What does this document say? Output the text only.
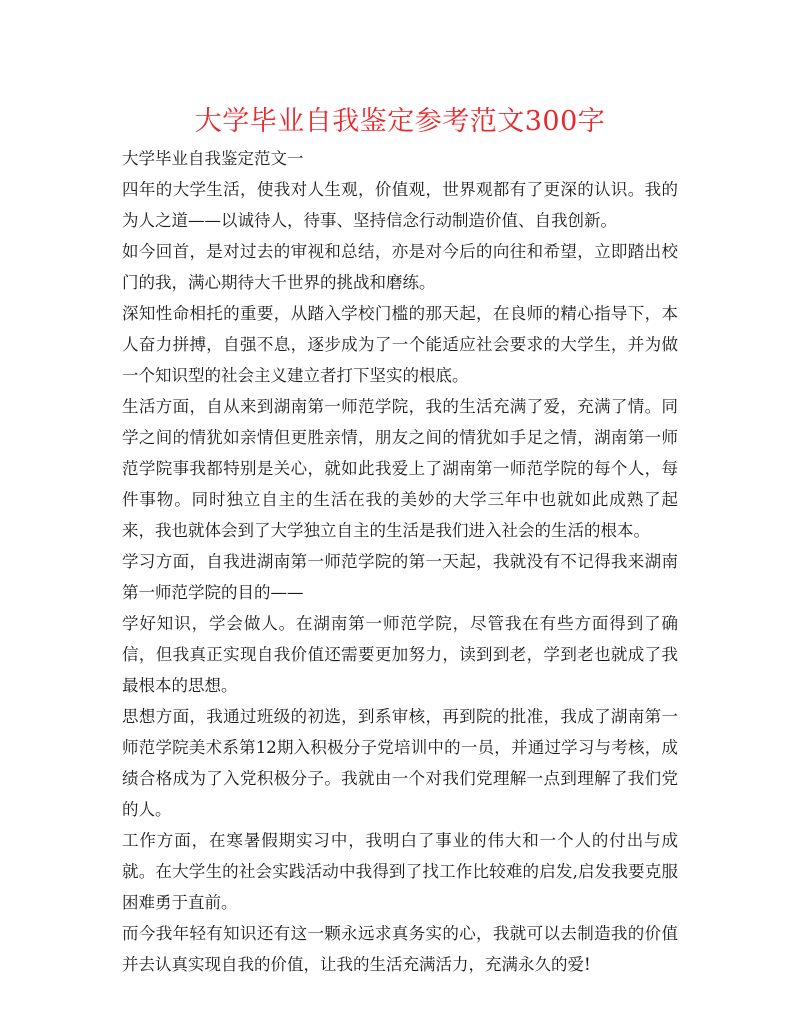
大学毕业自我鉴定参考范文300字

大学毕业自我鉴定范文一

四年的大学生活，使我对人生观，价值观，世界观都有了更深的认识。我的为人之道——以诚待人，待事、坚持信念行动制造价值、自我创新。

如今回首，是对过去的审视和总结，亦是对今后的向往和希望，立即踏出校门的我，满心期待大千世界的挑战和磨练。

深知性命相托的重要，从踏入学校门槛的那天起，在良师的精心指导下，本人奋力拼搏，自强不息，逐步成为了一个能适应社会要求的大学生，并为做一个知识型的社会主义建立者打下坚实的根底。

生活方面，自从来到湖南第一师范学院，我的生活充满了爱，充满了情。同学之间的情犹如亲情但更胜亲情，朋友之间的情犹如手足之情，湖南第一师范学院事我都特别是关心，就如此我爱上了湖南第一师范学院的每个人，每件事物。同时独立自主的生活在我的美妙的大学三年中也就如此成熟了起来，我也就体会到了大学独立自主的生活是我们进入社会的生活的根本。

学习方面，自我进湖南第一师范学院的第一天起，我就没有不记得我来湖南第一师范学院的目的——

学好知识，学会做人。在湖南第一师范学院，尽管我在有些方面得到了确信，但我真正实现自我价值还需要更加努力，读到到老，学到老也就成了我最根本的思想。

思想方面，我通过班级的初选，到系审核，再到院的批准，我成了湖南第一师范学院美术系第12期入积极分子党培训中的一员，并通过学习与考核，成绩合格成为了入党积极分子。我就由一个对我们党理解一点到理解了我们党的人。

工作方面，在寒暑假期实习中，我明白了事业的伟大和一个人的付出与成就。在大学生的社会实践活动中我得到了找工作比较难的启发,启发我要克服困难勇于直前。

而今我年轻有知识还有这一颗永远求真务实的心，我就可以去制造我的价值并去认真实现自我的价值，让我的生活充满活力，充满永久的爱!
